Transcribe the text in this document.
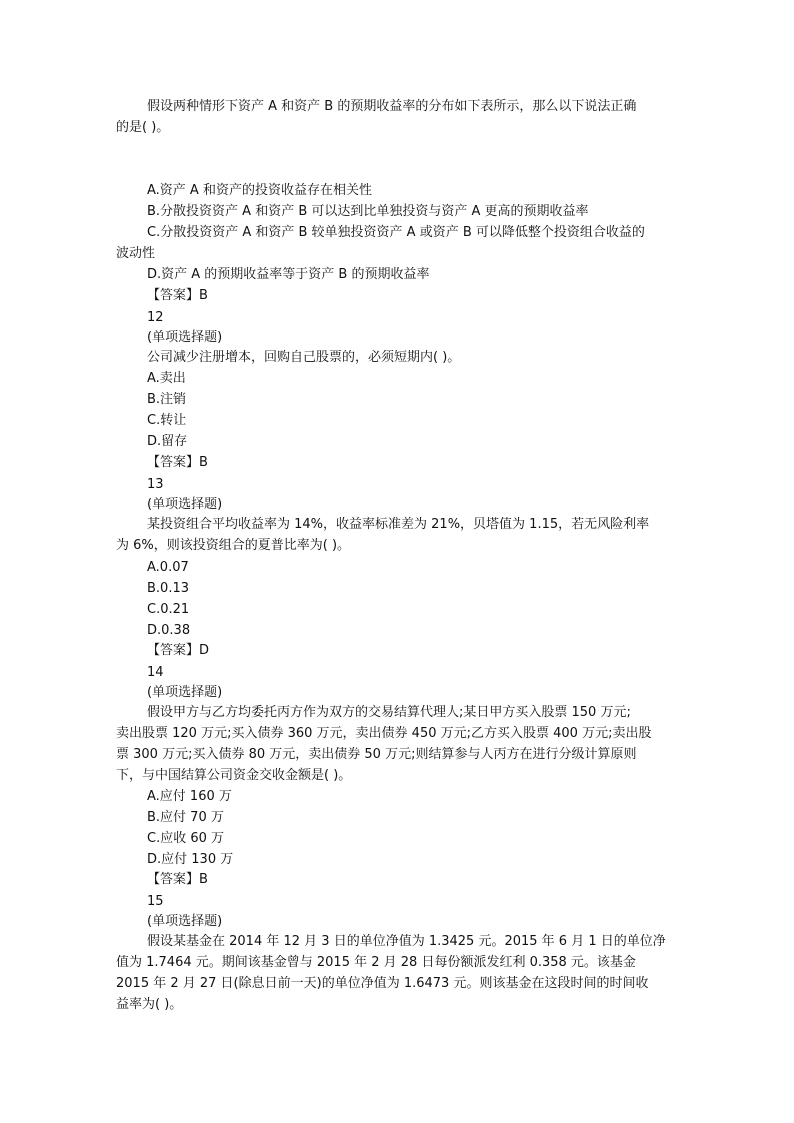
假设两种情形下资产 A 和资产 B 的预期收益率的分布如下表所示，那么以下说法正确
的是( )。
A.资产 A 和资产的投资收益存在相关性
B.分散投资资产 A 和资产 B 可以达到比单独投资与资产 A 更高的预期收益率
C.分散投资资产 A 和资产 B 较单独投资资产 A 或资产 B 可以降低整个投资组合收益的
波动性
D.资产 A 的预期收益率等于资产 B 的预期收益率
【答案】B
12
(单项选择题)
公司减少注册增本，回购自己股票的，必须短期内( )。
A.卖出
B.注销
C.转让
D.留存
【答案】B
13
(单项选择题)
某投资组合平均收益率为 14%，收益率标准差为 21%，贝塔值为 1.15，若无风险利率
为 6%，则该投资组合的夏普比率为( )。
A.0.07
B.0.13
C.0.21
D.0.38
【答案】D
14
(单项选择题)
假设甲方与乙方均委托丙方作为双方的交易结算代理人;某日甲方买入股票 150 万元;
卖出股票 120 万元;买入债券 360 万元，卖出债券 450 万元;乙方买入股票 400 万元;卖出股
票 300 万元;买入债券 80 万元，卖出债券 50 万元;则结算参与人丙方在进行分级计算原则
下，与中国结算公司资金交收金额是( )。
A.应付 160 万
B.应付 70 万
C.应收 60 万
D.应付 130 万
【答案】B
15
(单项选择题)
假设某基金在 2014 年 12 月 3 日的单位净值为 1.3425 元。2015 年 6 月 1 日的单位净
值为 1.7464 元。期间该基金曾与 2015 年 2 月 28 日每份额派发红利 0.358 元。该基金
2015 年 2 月 27 日(除息日前一天)的单位净值为 1.6473 元。则该基金在这段时间的时间收
益率为( )。
